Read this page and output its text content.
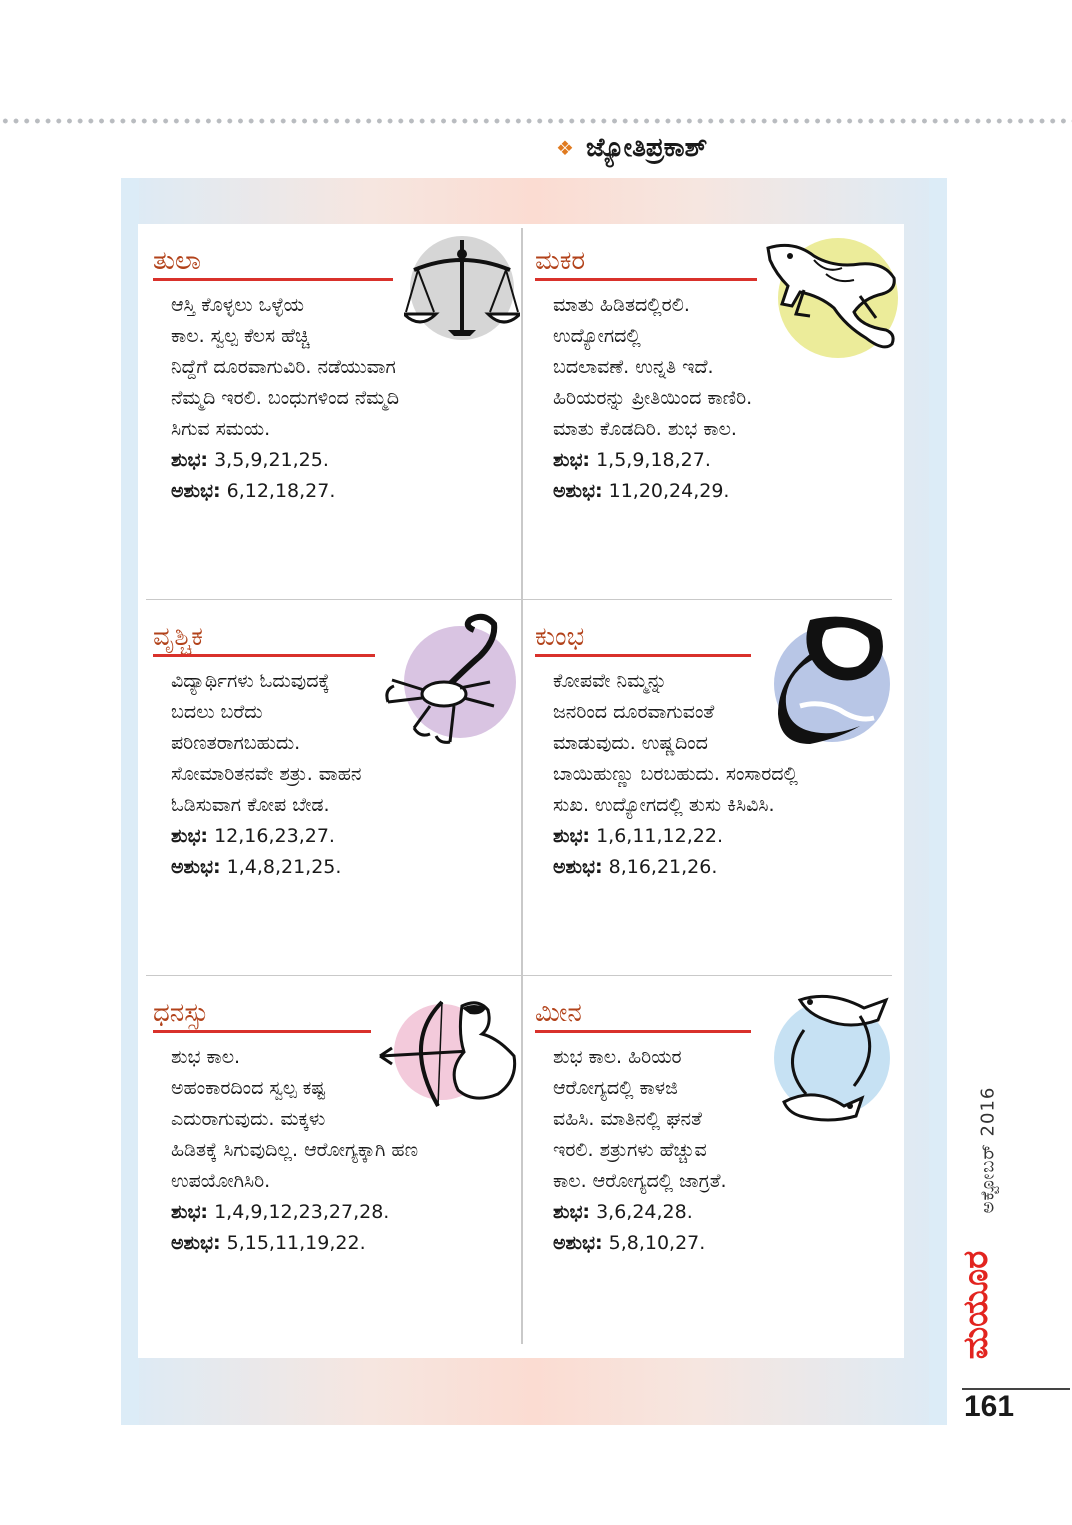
❖ ಜ್ಯೋತಿಪ್ರಕಾಶ್
ತುಲಾ

ಆಸ್ತಿ ಕೊಳ್ಳಲು ಒಳ್ಳೆಯ

ಕಾಲ. ಸ್ವಲ್ಪ ಕೆಲಸ ಹೆಚ್ಚಿ

ನಿದ್ದೆಗೆ ದೂರವಾಗುವಿರಿ. ನಡೆಯುವಾಗ

ನೆಮ್ಮದಿ ಇರಲಿ. ಬಂಧುಗಳಿಂದ ನೆಮ್ಮದಿ

ಸಿಗುವ ಸಮಯ.

ಶುಭ: 3,5,9,21,25.

ಅಶುಭ: 6,12,18,27.

ಮಕರ

ಮಾತು ಹಿಡಿತದಲ್ಲಿರಲಿ.

ಉದ್ಯೋಗದಲ್ಲಿ

ಬದಲಾವಣೆ. ಉನ್ನತಿ ಇದೆ.

ಹಿರಿಯರನ್ನು ಪ್ರೀತಿಯಿಂದ ಕಾಣಿರಿ.

ಮಾತು ಕೊಡದಿರಿ. ಶುಭ ಕಾಲ.

ಶುಭ: 1,5,9,18,27.

ಅಶುಭ: 11,20,24,29.

ವೃಶ್ಚಿಕ

ವಿದ್ಯಾರ್ಥಿಗಳು ಓದುವುದಕ್ಕೆ

ಬದಲು ಬರೆದು

ಪರಿಣತರಾಗಬಹುದು.

ಸೋಮಾರಿತನವೇ ಶತ್ರು. ವಾಹನ

ಓಡಿಸುವಾಗ ಕೋಪ ಬೇಡ.

ಶುಭ: 12,16,23,27.

ಅಶುಭ: 1,4,8,21,25.

ಕುಂಭ

ಕೋಪವೇ ನಿಮ್ಮನ್ನು

ಜನರಿಂದ ದೂರವಾಗುವಂತೆ

ಮಾಡುವುದು. ಉಷ್ಣದಿಂದ

ಬಾಯಿಹುಣ್ಣು ಬರಬಹುದು. ಸಂಸಾರದಲ್ಲಿ

ಸುಖ. ಉದ್ಯೋಗದಲ್ಲಿ ತುಸು ಕಿಸಿವಿಸಿ.

ಶುಭ: 1,6,11,12,22.

ಅಶುಭ: 8,16,21,26.

ಧನಸ್ಸು

ಶುಭ ಕಾಲ.

ಅಹಂಕಾರದಿಂದ ಸ್ವಲ್ಪ ಕಷ್ಟ

ಎದುರಾಗುವುದು. ಮಕ್ಕಳು

ಹಿಡಿತಕ್ಕೆ ಸಿಗುವುದಿಲ್ಲ. ಆರೋಗ್ಯಕ್ಕಾಗಿ ಹಣ

ಉಪಯೋಗಿಸಿರಿ.

ಶುಭ: 1,4,9,12,23,27,28.

ಅಶುಭ: 5,15,11,19,22.

ಮೀನ

ಶುಭ ಕಾಲ. ಹಿರಿಯರ

ಆರೋಗ್ಯದಲ್ಲಿ ಕಾಳಜಿ

ವಹಿಸಿ. ಮಾತಿನಲ್ಲಿ ಘನತೆ

ಇರಲಿ. ಶತ್ರುಗಳು ಹೆಚ್ಚುವ

ಕಾಲ. ಆರೋಗ್ಯದಲ್ಲಿ ಜಾಗ್ರತೆ.

ಶುಭ: 3,6,24,28.

ಅಶುಭ: 5,8,10,27.

ಅಕ್ಟೋಬರ್ 2016
ಮಯೂರ
161
